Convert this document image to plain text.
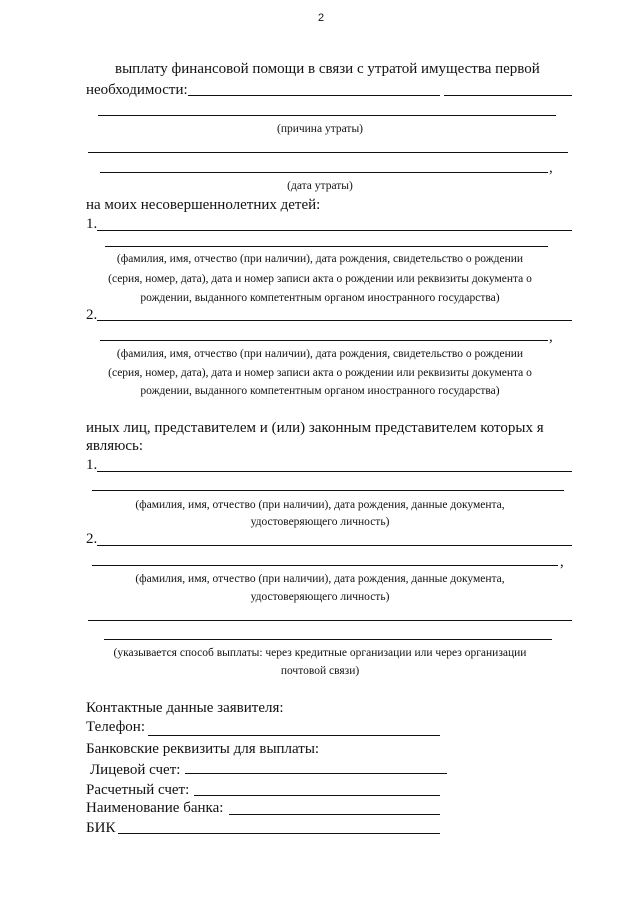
2
выплату финансовой помощи в связи с утратой имущества первой
необходимости:
(причина утраты)
,
(дата утраты)
на моих несовершеннолетних детей:
1.
(фамилия, имя, отчество (при наличии), дата рождения, свидетельство о рождении
(серия, номер, дата), дата и номер записи акта о рождении или реквизиты документа о
рождении, выданного компетентным органом иностранного государства)
2.
,
(фамилия, имя, отчество (при наличии), дата рождения, свидетельство о рождении
(серия, номер, дата), дата и номер записи акта о рождении или реквизиты документа о
рождении, выданного компетентным органом иностранного государства)
иных лиц, представителем и (или) законным представителем которых я
являюсь:
1.
(фамилия, имя, отчество (при наличии), дата рождения, данные документа,
удостоверяющего личность)
2.
,
(фамилия, имя, отчество (при наличии), дата рождения, данные документа,
удостоверяющего личность)
(указывается способ выплаты: через кредитные организации или через организации
почтовой связи)
Контактные данные заявителя:
Телефон:
Банковские реквизиты для выплаты:
Лицевой счет:
Расчетный счет:
Наименование банка:
БИК
